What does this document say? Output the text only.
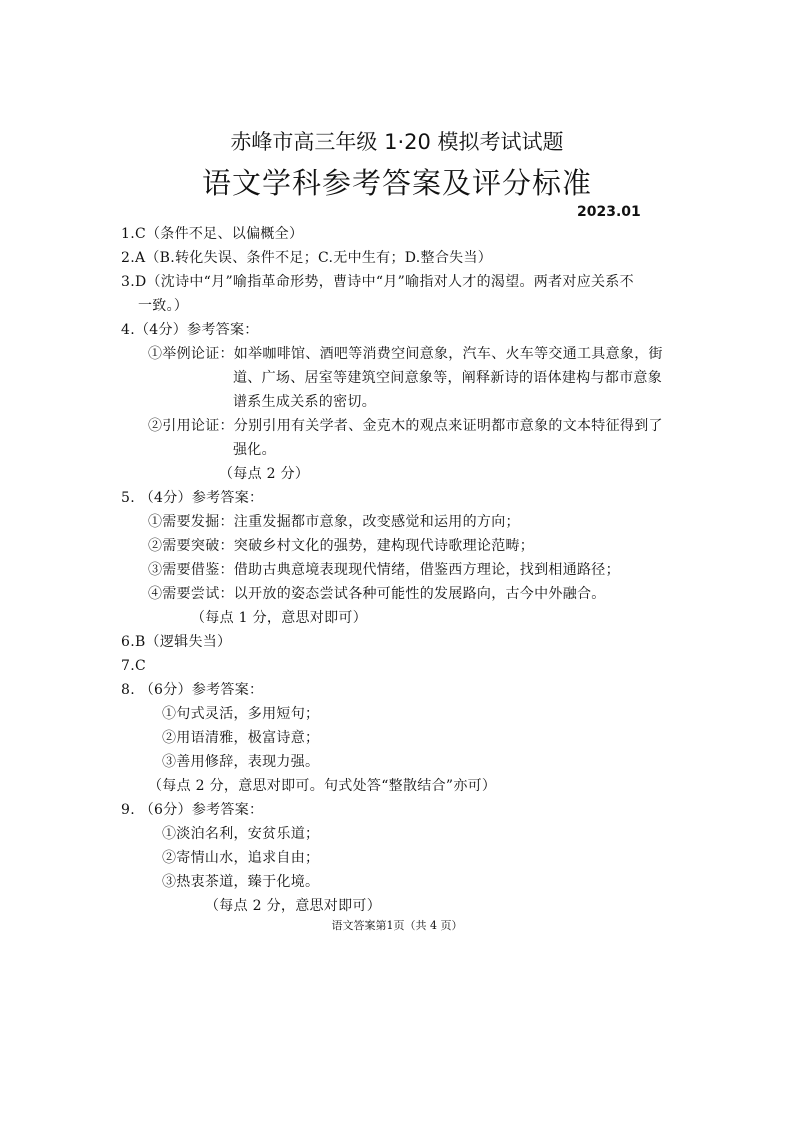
赤峰市高三年级 1·20 模拟考试试题
语文学科参考答案及评分标准
2023.01
1.C（条件不足、以偏概全）
2.A（B.转化失误、条件不足；C.无中生有；D.整合失当）
3.D（沈诗中“月”喻指革命形势，曹诗中“月”喻指对人才的渴望。两者对应关系不
一致。）
4.（4分）参考答案：
①举例论证：如举咖啡馆、酒吧等消费空间意象，汽车、火车等交通工具意象，街
道、广场、居室等建筑空间意象等，阐释新诗的语体建构与都市意象
谱系生成关系的密切。
②引用论证：分别引用有关学者、金克木的观点来证明都市意象的文本特征得到了
强化。
（每点 2 分）
5. （4分）参考答案：
①需要发掘：注重发掘都市意象，改变感觉和运用的方向；
②需要突破：突破乡村文化的强势，建构现代诗歌理论范畴；
③需要借鉴：借助古典意境表现现代情绪，借鉴西方理论，找到相通路径；
④需要尝试：以开放的姿态尝试各种可能性的发展路向，古今中外融合。
（每点 1 分，意思对即可）
6.B（逻辑失当）
7.C
8. （6分）参考答案：
①句式灵活，多用短句；
②用语清雅，极富诗意；
③善用修辞，表现力强。
（每点 2 分，意思对即可。句式处答“整散结合”亦可）
9. （6分）参考答案：
①淡泊名利，安贫乐道；
②寄情山水，追求自由；
③热衷茶道，臻于化境。
（每点 2 分，意思对即可）
语文答案第1页（共 4 页）
